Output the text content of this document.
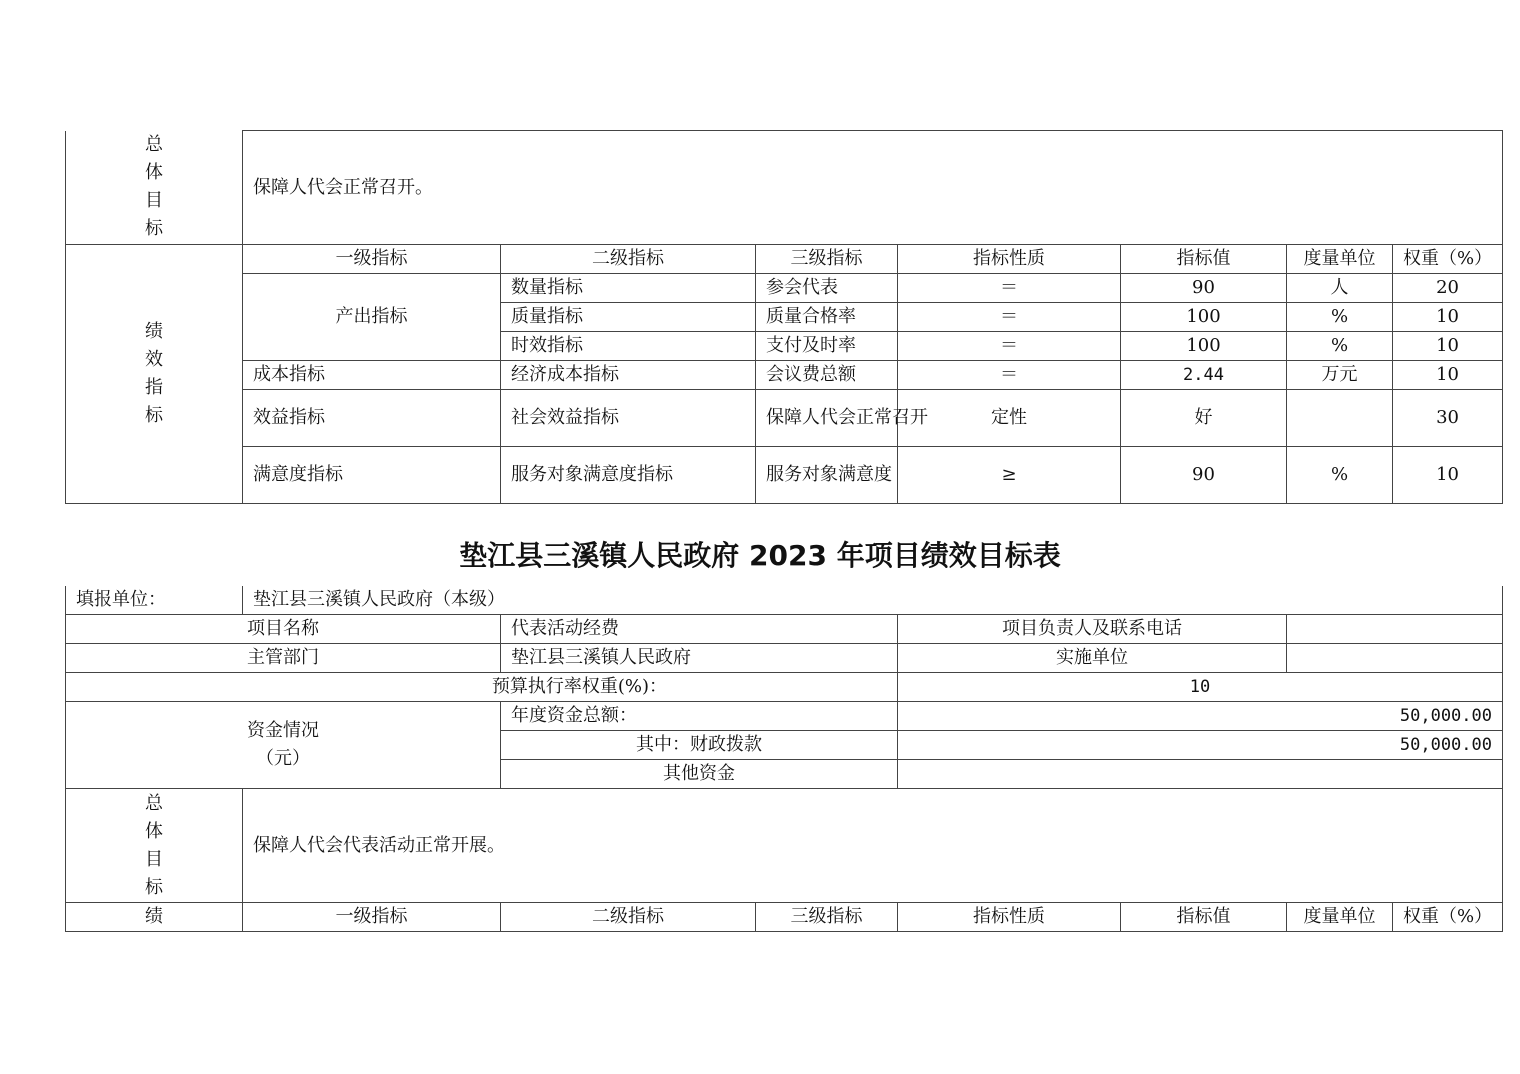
总
体
目
标	保障人代会正常召开。						

绩
效
指
标	一级指标	二级指标	三级指标	指标性质	指标值	度量单位	权重（%）
	产出指标	数量指标	参会代表	＝	90	人	20
		质量指标	质量合格率	＝	100	%	10
		时效指标	支付及时率	＝	100	%	10
	成本指标	经济成本指标	会议费总额	＝	2.44	万元	10
	效益指标	社会效益指标	保障人代会正常召开	定性	好		30
	满意度指标	服务对象满意度指标	服务对象满意度	≥	90	%	10
垫江县三溪镇人民政府 2023 年项目绩效目标表
填报单位：	垫江县三溪镇人民政府（本级）						
项目名称		代表活动经费		项目负责人及联系电话			
主管部门		垫江县三溪镇人民政府		实施单位			
预算执行率权重(%)：				10			

资金情况
（元）		年度资金总额：		50,000.00			
		其中：财政拨款		50,000.00			
		其他资金					

总
体
目
标	保障人代会代表活动正常开展。						
绩	一级指标	二级指标	三级指标	指标性质	指标值	度量单位	权重（%）
